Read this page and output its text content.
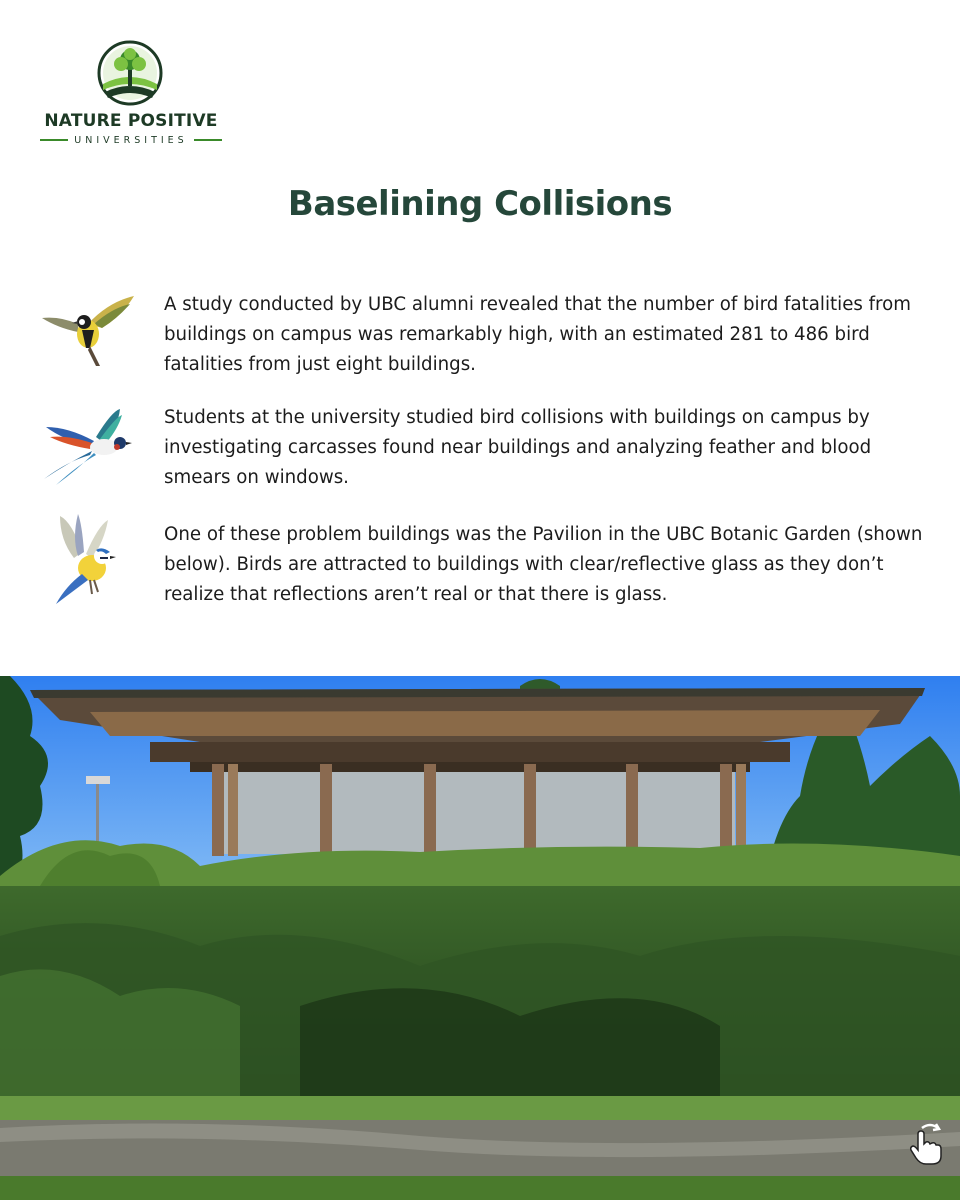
NATURE POSITIVE
UNIVERSITIES
Baselining Collisions

A study conducted by UBC alumni revealed that the number of bird fatalities from buildings on campus was remarkably high, with an estimated 281 to 486 bird fatalities from just eight buildings.

Students at the university studied bird collisions with buildings on campus by investigating carcasses found near buildings and analyzing feather and blood smears on windows.

One of these problem buildings was the Pavilion in the UBC Botanic Garden (shown below). Birds are attracted to buildings with clear/reflective glass as they don’t realize that reflections aren’t real or that there is glass.
